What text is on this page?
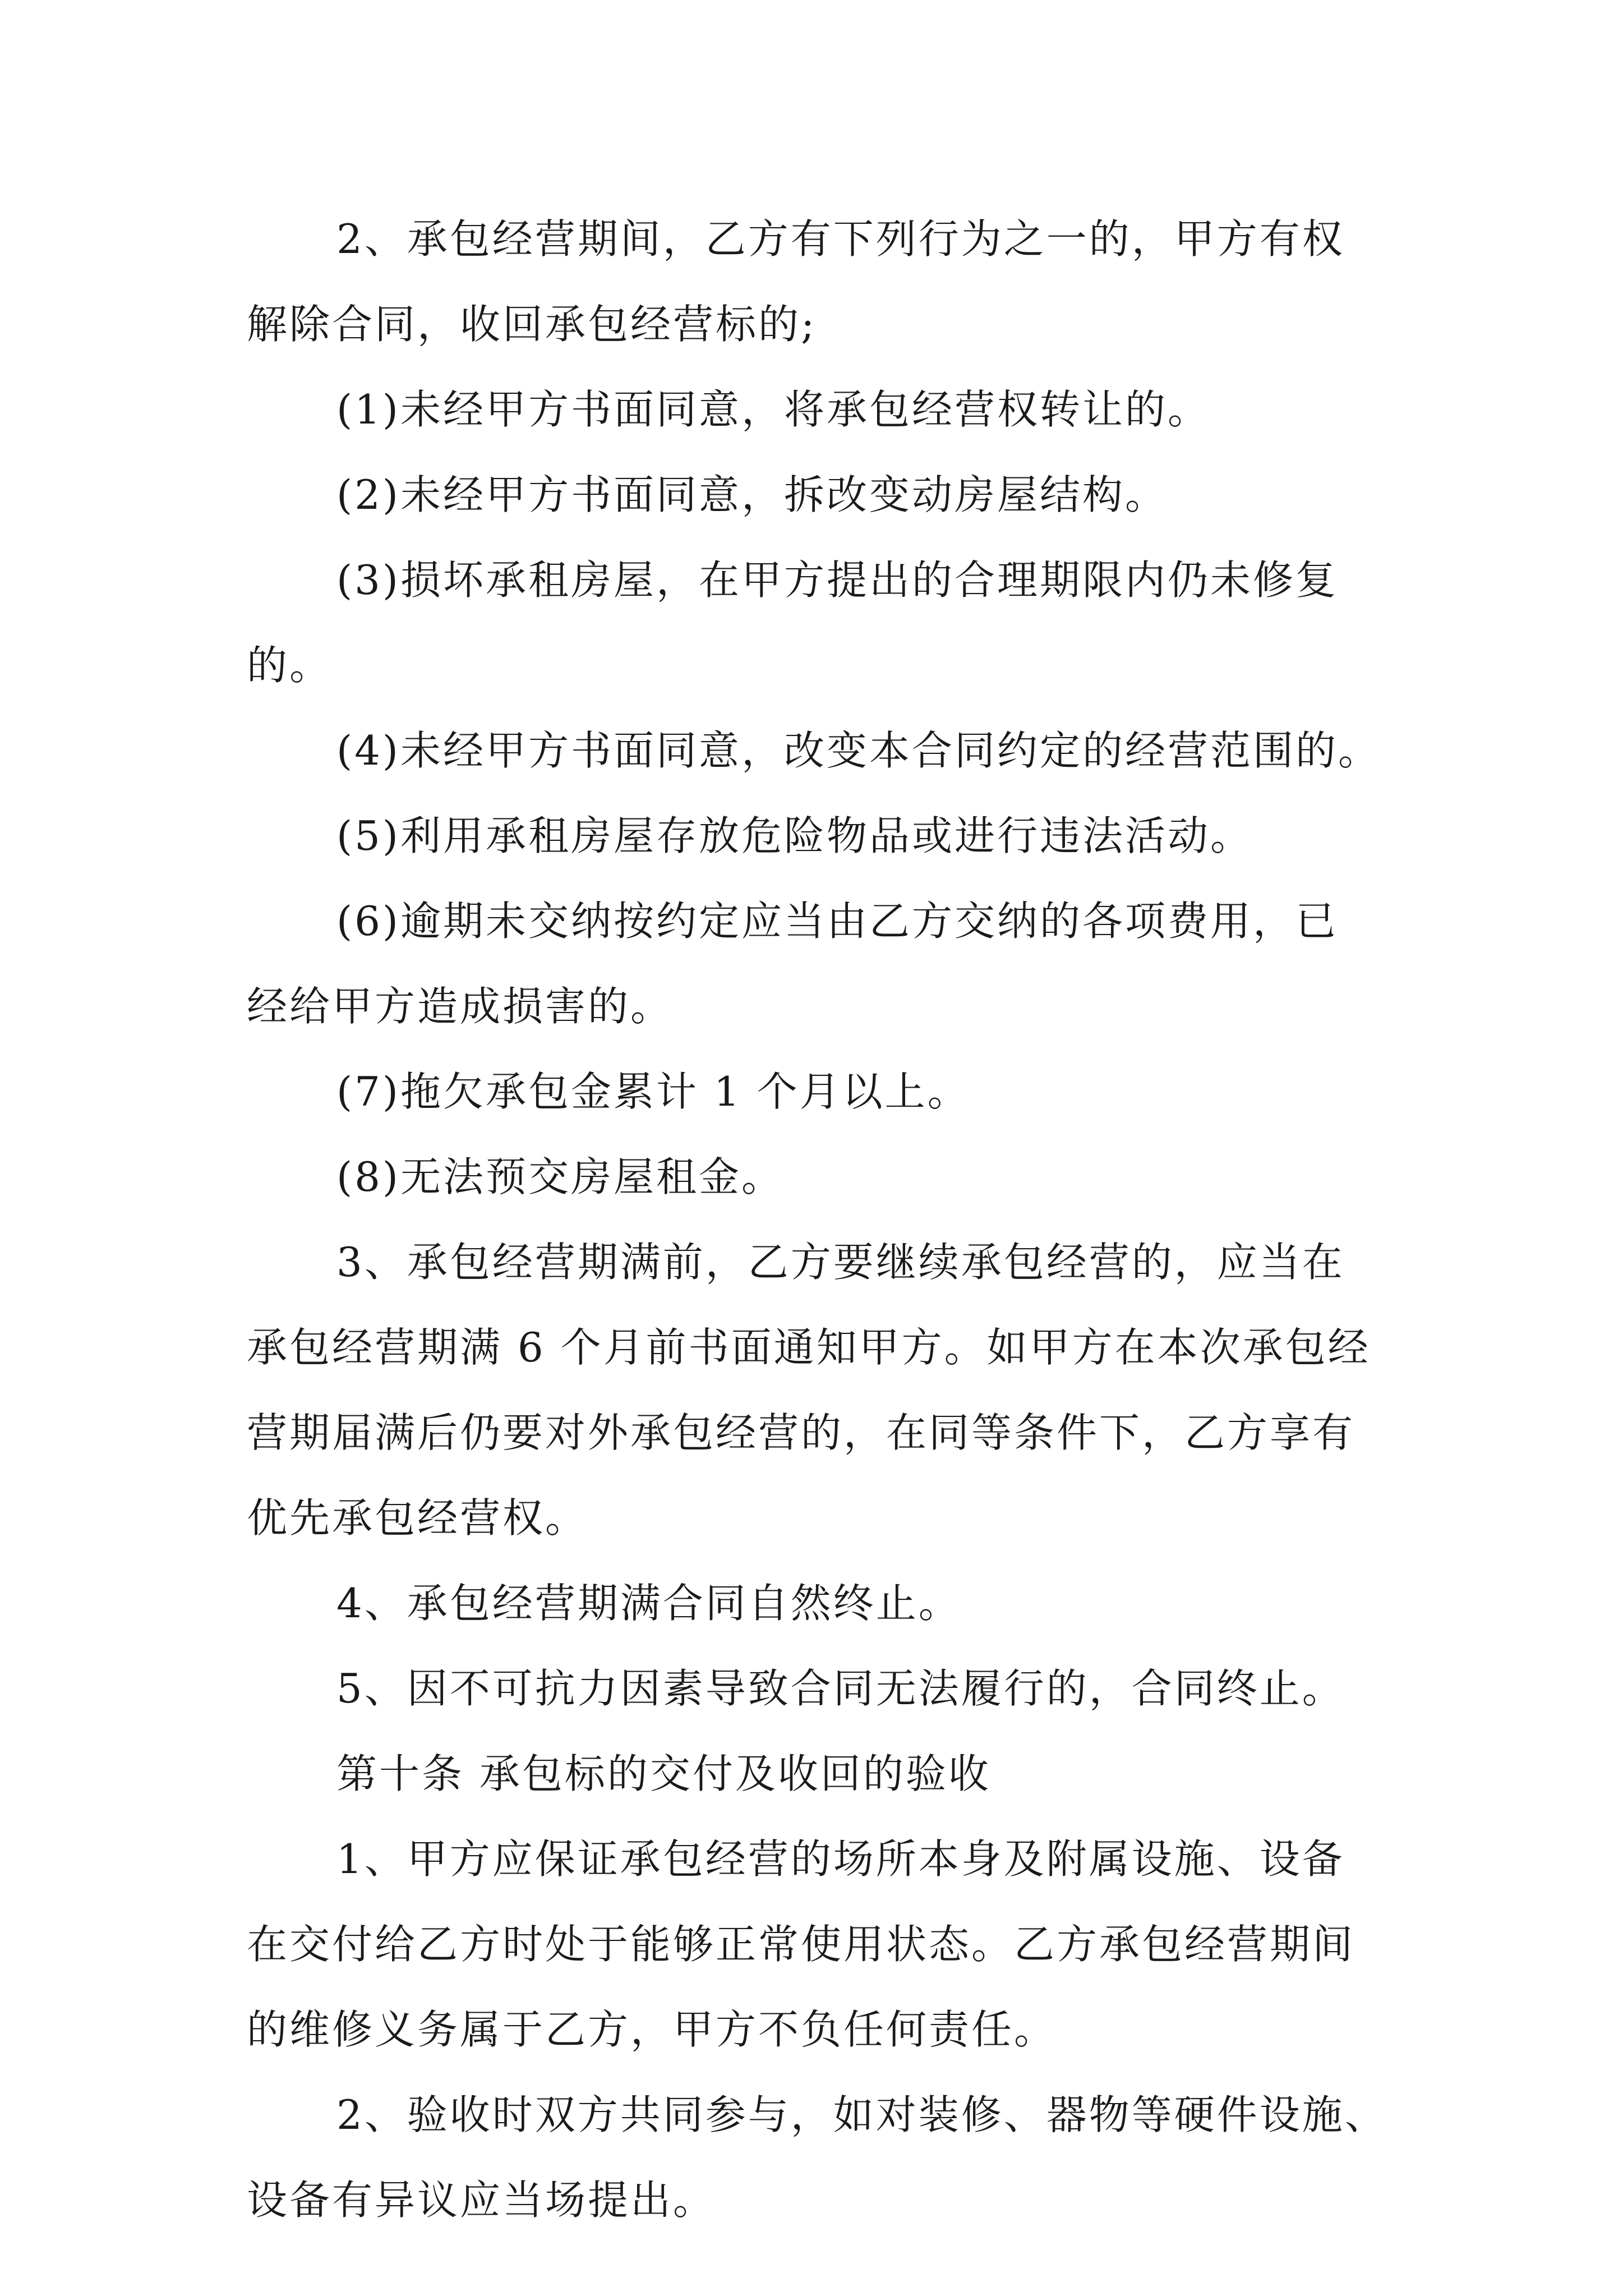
2、承包经营期间，乙方有下列行为之一的，甲方有权
解除合同，收回承包经营标的;

(1)未经甲方书面同意，将承包经营权转让的。

(2)未经甲方书面同意，拆改变动房屋结构。

(3)损坏承租房屋，在甲方提出的合理期限内仍未修复
的。

(4)未经甲方书面同意，改变本合同约定的经营范围的。

(5)利用承租房屋存放危险物品或进行违法活动。

(6)逾期未交纳按约定应当由乙方交纳的各项费用，已
经给甲方造成损害的。

(7)拖欠承包金累计 1 个月以上。

(8)无法预交房屋租金。

3、承包经营期满前，乙方要继续承包经营的，应当在
承包经营期满 6 个月前书面通知甲方。如甲方在本次承包经
营期届满后仍要对外承包经营的，在同等条件下，乙方享有
优先承包经营权。

4、承包经营期满合同自然终止。

5、因不可抗力因素导致合同无法履行的，合同终止。

第十条 承包标的交付及收回的验收

1、甲方应保证承包经营的场所本身及附属设施、设备
在交付给乙方时处于能够正常使用状态。乙方承包经营期间
的维修义务属于乙方，甲方不负任何责任。

2、验收时双方共同参与，如对装修、器物等硬件设施、
设备有异议应当场提出。
